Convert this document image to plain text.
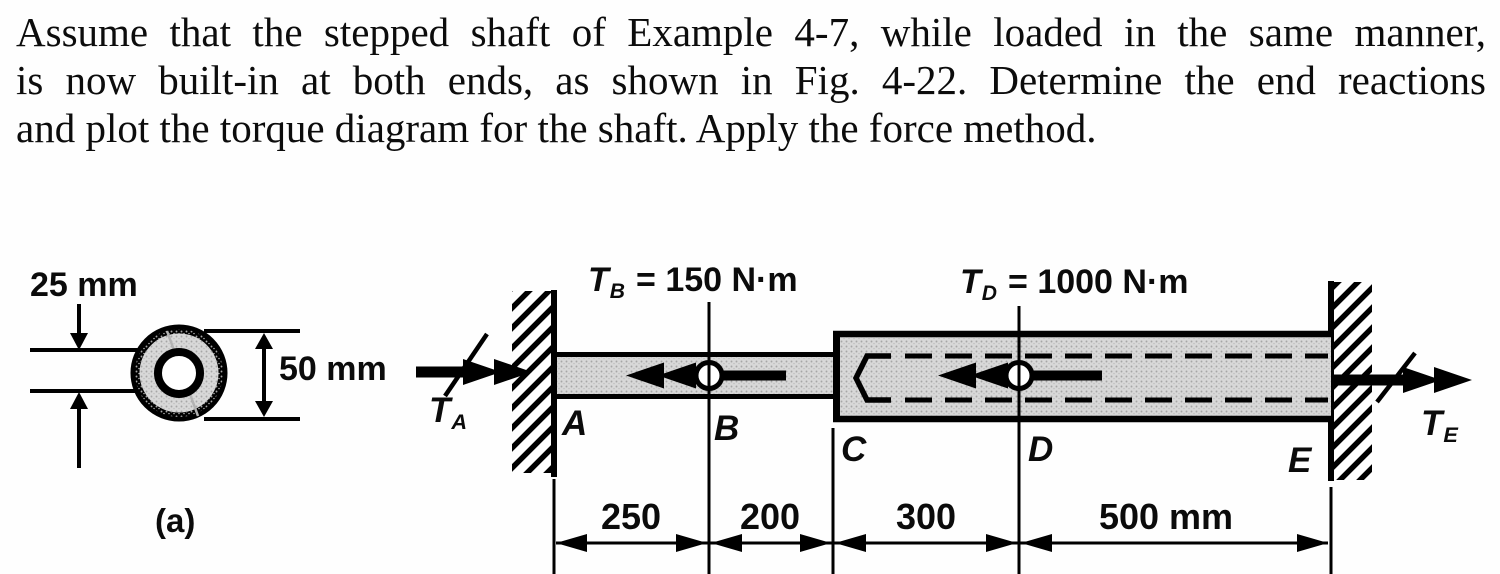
Assume that the stepped shaft of Example 4-7, while loaded in the same manner,
is now built-in at both ends, as shown in Fig. 4-22. Determine the end reactions
and plot the torque diagram for the shaft. Apply the force method.
25 mm
50 mm
(a)
TB = 150 N·m	TD = 1000 N·m
TA	TE
A	B
C	D	E
250 200	300	500 mm
